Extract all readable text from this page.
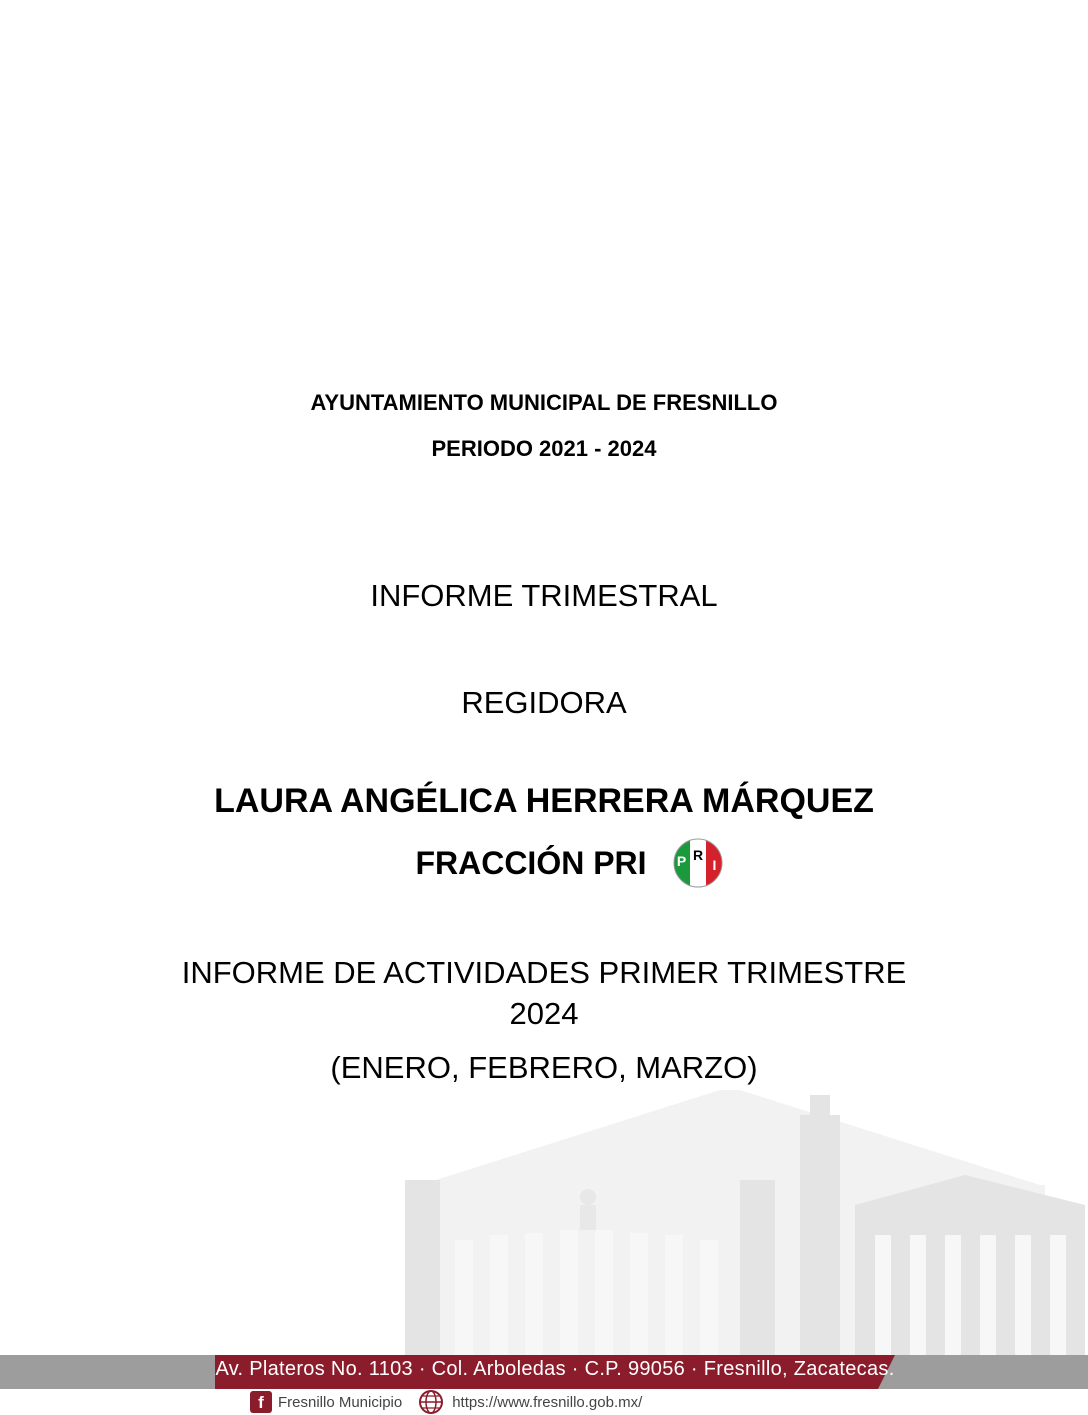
AYUNTAMIENTO MUNICIPAL DE FRESNILLO
PERIODO 2021 - 2024
INFORME TRIMESTRAL
REGIDORA
LAURA ANGÉLICA HERRERA MÁRQUEZ
FRACCIÓN PRI P R
I
INFORME DE ACTIVIDADES PRIMER TRIMESTRE
2024
(ENERO, FEBRERO, MARZO)
Av. Plateros No. 1103 · Col. Arboledas · C.P. 99056 · Fresnillo, Zacatecas.
f Fresnillo Municipio	https://www.fresnillo.gob.mx/
